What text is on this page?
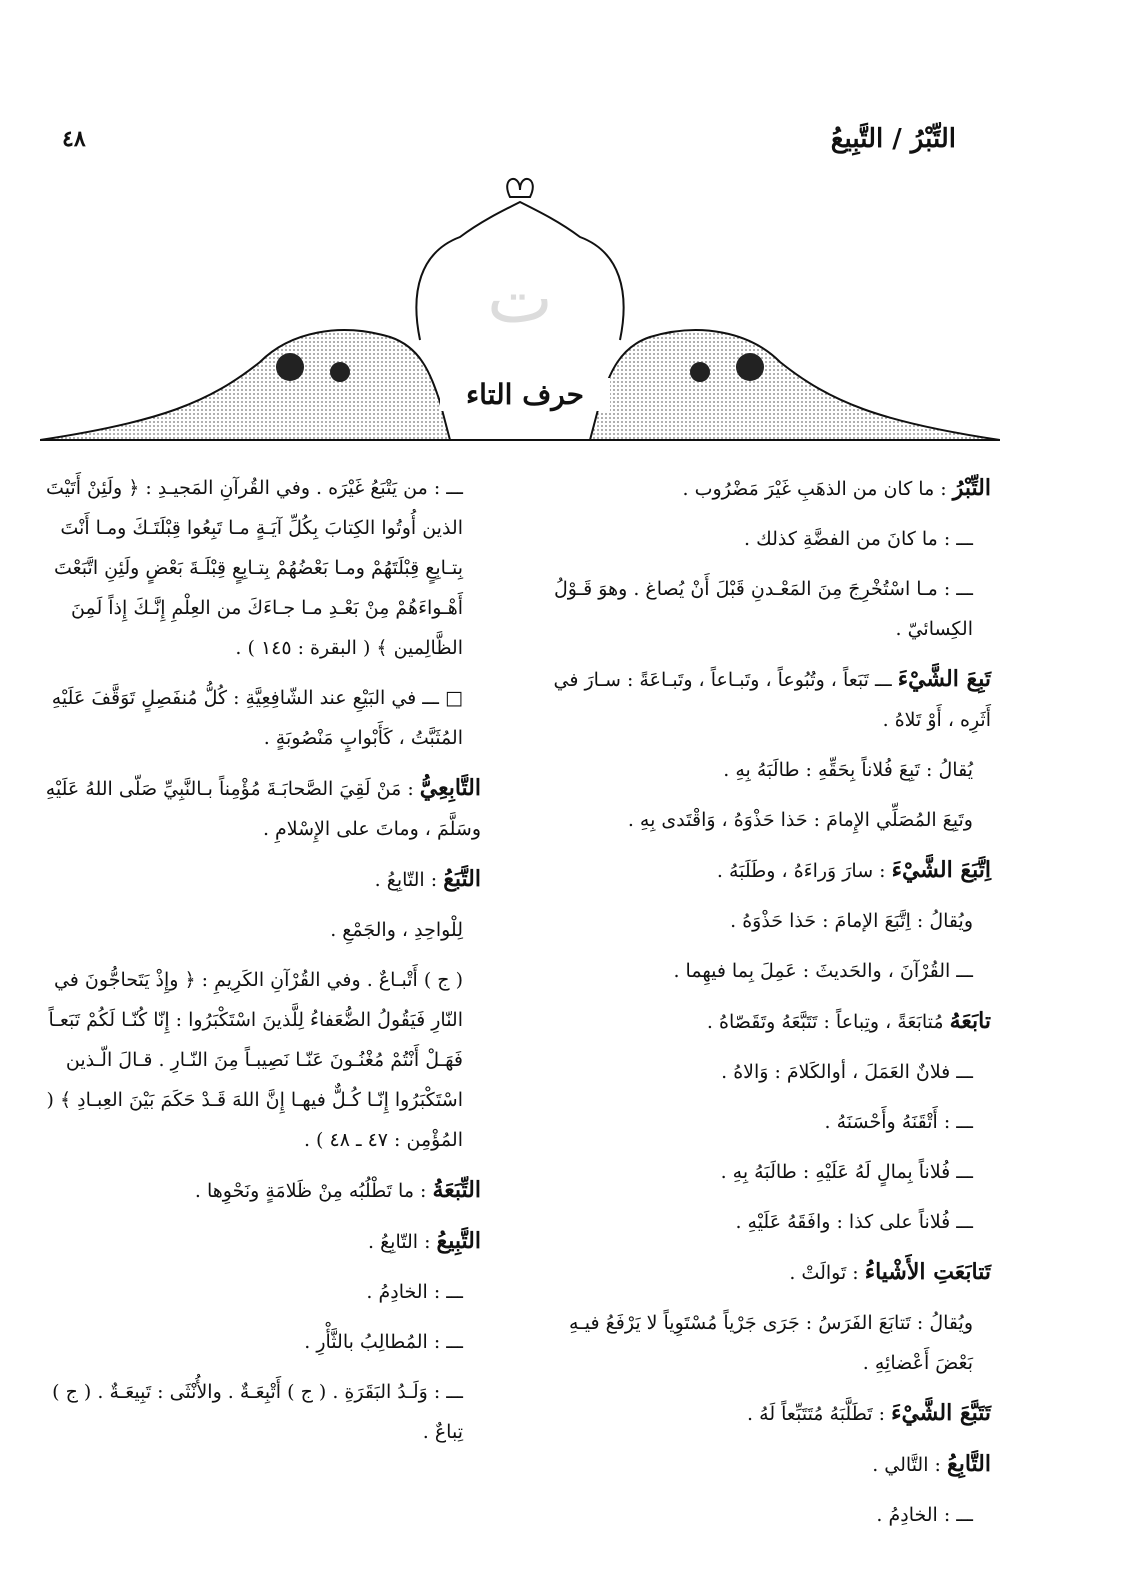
٤٨	التِّبْرُ / التَّبِيعُ
ت
حرف التاء

التِّبْرُ : ما كان من الذهَبِ غَيْرَ مَضْرُوب .

ـــ : ما كانَ من الفضَّةِ كذلك .

ـــ : مـا اسْتُخْرِجَ مِنَ المَعْـدنِ قَبْلَ أَنْ يُصاغ . وهوَ قَـوْلُ الكِسائيّ .

تَبِعَ الشَّيْءَ ـــ تَبَعاً ، وتُبُوعاً ، وتَبـاعاً ، وتَبـاعَةً : سـارَ في أَثَرِه ، أَوْ تَلاهُ .

يُقالُ : تَبِعَ فُلاناً بِحَقِّهِ : طالَبَهُ بِهِ .

وتَبِعَ المُصَلِّي الإِمامَ : حَذا حَذْوَهُ ، وَاقْتَدى بِهِ .

اِتَّبَعَ الشَّيْءَ : سارَ وَراءَهُ ، وطَلَبَهُ .

ويُقالُ : اِتَّبَعَ الإمامَ : حَذا حَذْوَهُ .

ـــ القُرْآنَ ، والحَديثَ : عَمِلَ بِما فيهِما .

تابَعَهُ مُتابَعَةً ، وتِباعاً : تَتَبَّعَهُ وتَقَصّاهُ .

ـــ فلانٌ العَمَلَ ، أوالكَلامَ : وَالاهُ .

ـــ : أَتْقَنَهُ وأَحْسَنَهُ .

ـــ فُلاناً بِمالٍ لَهُ عَلَيْهِ : طالَبَهُ بِهِ .

ـــ فُلاناً على كذا : وافَقَهُ عَلَيْهِ .

تَتابَعَتِ الأَشْياءُ : تَوالَتْ .

ويُقالُ : تَتابَعَ الفَرَسُ : جَرَى جَرْياً مُسْتَوِياً لا يَرْفَعُ فيـهِ بَعْضَ أَعْضائِهِ .

تَتَبَّعَ الشَّيْءَ : تَطَلَّبَهُ مُتَتَبِّعاً لَهُ .

التَّابِعُ : التَّالي .

ـــ : الخادِمُ .

ـــ : من يَتْبَعُ غَيْرَه . وفي القُرآنِ المَجيـدِ : ﴿ ولَئِنْ أَتَيْتَ الذين أُوتُوا الكِتابَ بِكُلِّ آيَـةٍ مـا تَبِعُوا قِبْلَتَـكَ ومـا أَنْتَ بِتـابِعٍ قِبْلَتَهُمْ ومـا بَعْضُهُمْ بِتـابِعٍ قِبْلَـةَ بَعْضٍ ولَئِنِ اتَّبَعْتَ أَهْـواءَهُمْ مِنْ بَعْـدِ مـا جـاءَكَ من العِلْمِ إِنَّـكَ إِذاً لَمِنَ الظَّالِمين ﴾ ( البقرة : ١٤٥ ) .

□ ـــ في البَيْعِ عند الشّافِعِيَّةِ : كُلُّ مُنفَصِلٍ تَوَقَّفَ عَلَيْهِ المُثَبَّتُ ، كَأَبْوابٍ مَنْصُوبَةٍ .

التَّابِعِيُّ : مَنْ لَقِيَ الصَّحابَـةَ مُؤْمِناً بـالنَّبِيِّ صَلّى اللهُ عَلَيْهِ وسَلَّمَ ، وماتَ على الإِسْلامِ .

التَّبَعُ : التّابِعُ .

لِلْواحِدِ ، والجَمْعِ .

( ج ) أَتْبـاعٌ . وفي القُرْآنِ الكَرِيمِ : ﴿ وإِذْ يَتَحاجُّونَ في النّارِ فَيَقُولُ الضُّعَفاءُ لِلَّذينَ اسْتَكْبَرُوا : إِنّا كُنّـا لَكُمْ تَبَعـاً فَهَـلْ أَنْتُمْ مُغْنُـونَ عَنّـا نَصِيبـاً مِنَ النّـارِ . قـالَ الّـذين اسْتَكْبَرُوا إِنّـا كُـلٌّ فيهـا إِنَّ اللهَ قَـدْ حَكَمَ بَيْنَ العِبـادِ ﴾ ( المُؤْمِن : ٤٧ ـ ٤٨ ) .

التِّبَعَةُ : ما تَطْلُبُه مِنْ ظَلامَةٍ ونَحْوِها .

التَّبِيعُ : التّابِعُ .

ـــ : الخادِمُ .

ـــ : المُطالِبُ بالثَّأْرِ .

ـــ : وَلَـدُ البَقَرَةِ . ( ج ) أَتْبِعَـةٌ . والأُنْثَى : تَبِيعَـةٌ . ( ج ) تِباعٌ .
